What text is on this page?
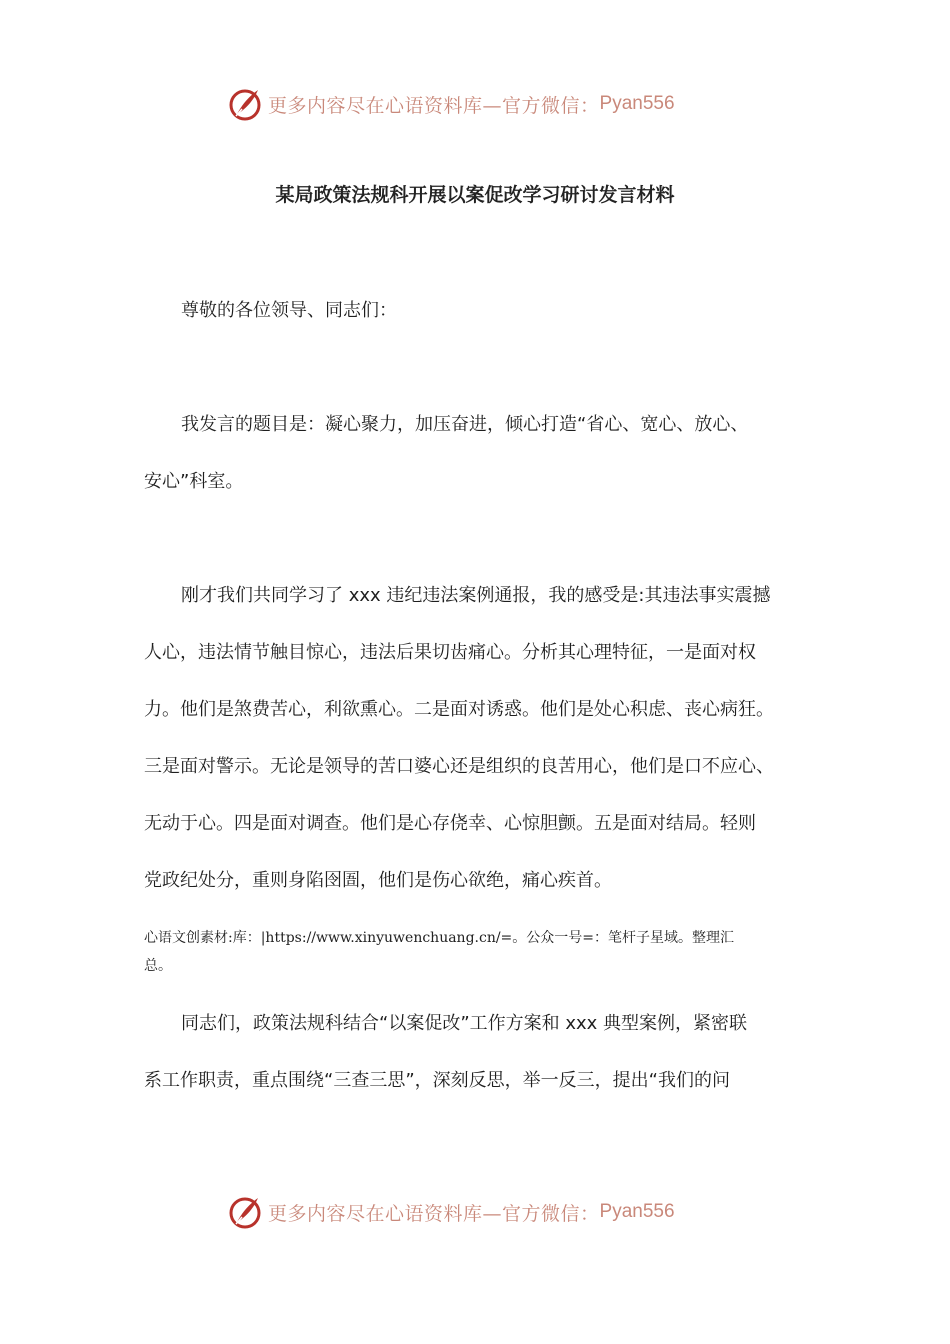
更多内容尽在心语资料库—官方微信： Pyan556
某局政策法规科开展以案促改学习研讨发言材料

尊敬的各位领导、同志们：

我发言的题目是：凝心聚力，加压奋进，倾心打造“省心、宽心、放心、
安心”科室。
刚才我们共同学习了 xxx 违纪违法案例通报，我的感受是:其违法事实震撼
人心，违法情节触目惊心，违法后果切齿痛心。分析其心理特征，一是面对权
力。他们是煞费苦心，利欲熏心。二是面对诱惑。他们是处心积虑、丧心病狂。
三是面对警示。无论是领导的苦口婆心还是组织的良苦用心，他们是口不应心、
无动于心。四是面对调查。他们是心存侥幸、心惊胆颤。五是面对结局。轻则
党政纪处分，重则身陷囹圄，他们是伤心欲绝，痛心疾首。
心语文创素材:库：|https://www.xinyuwenchuang.cn/=。公众一号=：笔杆子星域。整理汇
总。
同志们，政策法规科结合“以案促改”工作方案和 xxx 典型案例，紧密联
系工作职责，重点围绕“三查三思”，深刻反思，举一反三，提出“我们的问
更多内容尽在心语资料库—官方微信： Pyan556
